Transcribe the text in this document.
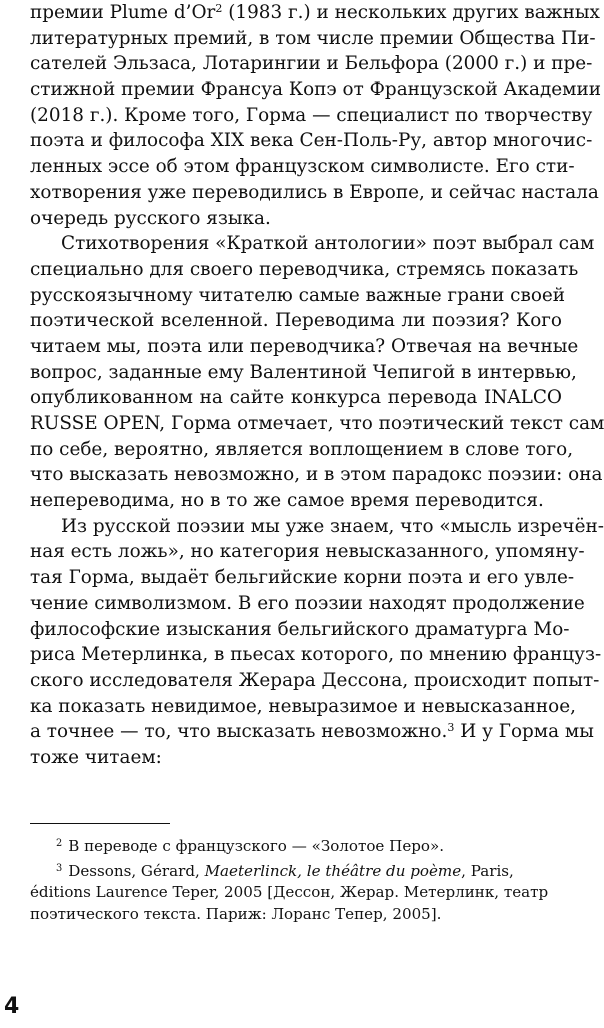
премии Plume d’Or$^2$ (1983 г.) и нескольких других важных
литературных премий, в том числе премии Общества Пи-
сателей Эльзаса, Лотарингии и Бельфора (2000 г.) и пре-
стижной премии Франсуа Копэ от Французской Академии
(2018 г.). Кроме того, Горма — специалист по творчеству
поэта и философа XIX века Сен-Поль-Ру, автор многочис-
ленных эссе об этом французском символисте. Его сти-
хотворения уже переводились в Европе, и сейчас настала
очередь русского языка.
Стихотворения «Краткой антологии» поэт выбрал сам
специально для своего переводчика, стремясь показать
русскоязычному читателю самые важные грани своей
поэтической вселенной. Переводима ли поэзия? Кого
читаем мы, поэта или переводчика? Отвечая на вечные
вопрос, заданные ему Валентиной Чепигой в интервью,
опубликованном на сайте конкурса перевода INALCO
RUSSE OPEN, Горма отмечает, что поэтический текст сам
по себе, вероятно, является воплощением в слове того,
что высказать невозможно, и в этом парадокс поэзии: она
непереводима, но в то же самое время переводится.
Из русской поэзии мы уже знаем, что «мысль изречён-
ная есть ложь», но категория невысказанного, упомяну-
тая Горма, выдаёт бельгийские корни поэта и его увле-
чение символизмом. В его поэзии находят продолжение
философские изыскания бельгийского драматурга Мо-
риса Метерлинка, в пьесах которого, по мнению француз-
ского исследователя Жерара Дессона, происходит попыт-
ка показать невидимое, невыразимое и невысказанное,
а точнее — то, что высказать невозможно.$^3$ И у Горма мы
тоже читаем:
$^2$ В переводе с французского — «Золотое Перо».
$^3$ Dessons, Gérard, Maeterlinck, le théâtre du poème, Paris,
éditions Laurence Teper, 2005 [Дессон, Жерар. Метерлинк, театр
поэтического текста. Париж: Лоранс Тепер, 2005].
4
